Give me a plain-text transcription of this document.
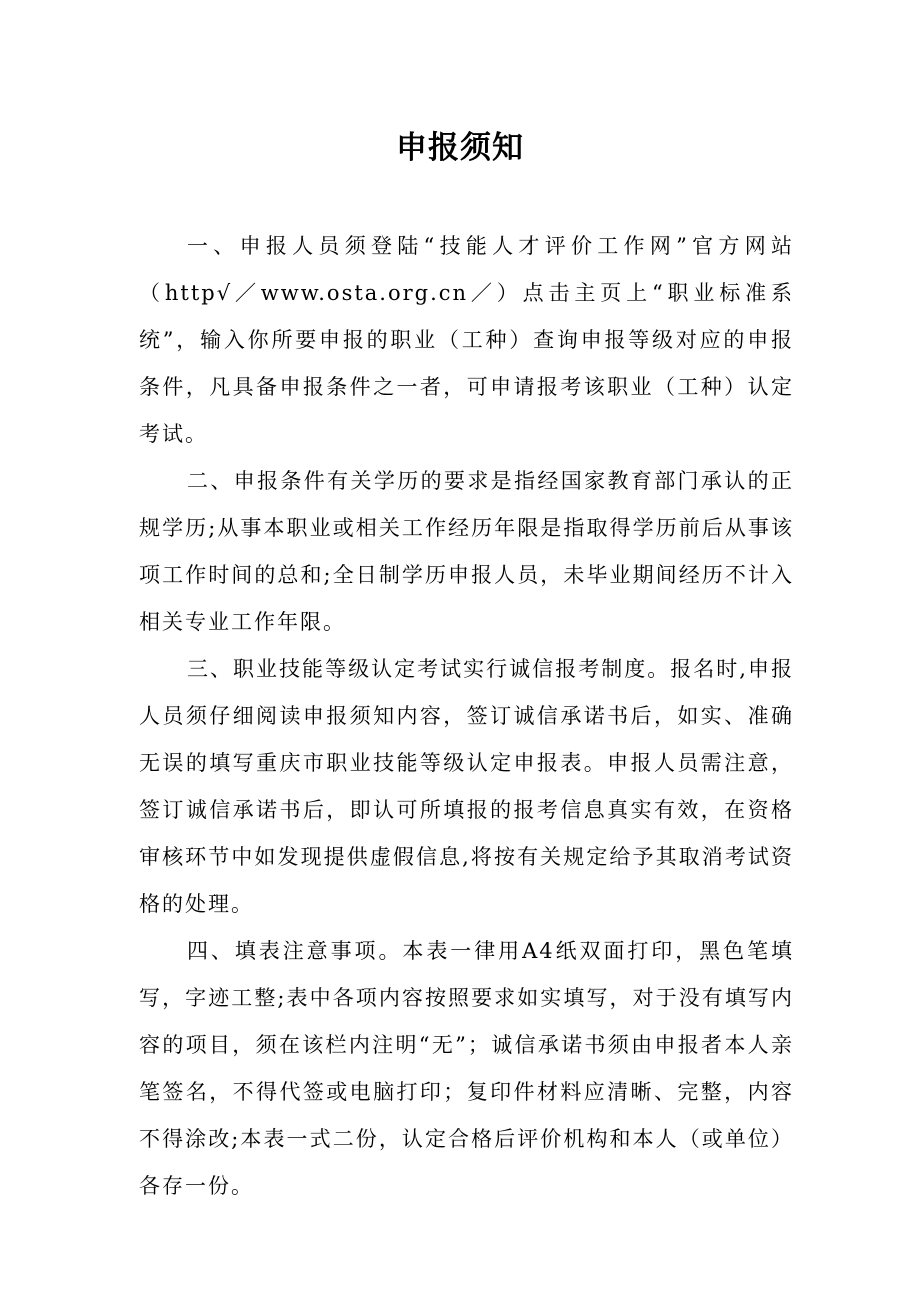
申报须知

一、申报人员须登陆“技能人才评价工作网”官方网站（http√／www.osta.org.cn／）点击主页上“职业标准系统”，输入你所要申报的职业（工种）查询申报等级对应的申报条件，凡具备申报条件之一者，可申请报考该职业（工种）认定考试。

二、申报条件有关学历的要求是指经国家教育部门承认的正规学历;从事本职业或相关工作经历年限是指取得学历前后从事该项工作时间的总和;全日制学历申报人员，未毕业期间经历不计入相关专业工作年限。

三、职业技能等级认定考试实行诚信报考制度。报名时,申报人员须仔细阅读申报须知内容，签订诚信承诺书后，如实、准确无误的填写重庆市职业技能等级认定申报表。申报人员需注意，签订诚信承诺书后，即认可所填报的报考信息真实有效，在资格审核环节中如发现提供虚假信息,将按有关规定给予其取消考试资格的处理。

四、填表注意事项。本表一律用A4纸双面打印，黑色笔填写，字迹工整;表中各项内容按照要求如实填写，对于没有填写内容的项目，须在该栏内注明“无”；诚信承诺书须由申报者本人亲笔签名，不得代签或电脑打印；复印件材料应清晰、完整，内容不得涂改;本表一式二份，认定合格后评价机构和本人（或单位）各存一份。
